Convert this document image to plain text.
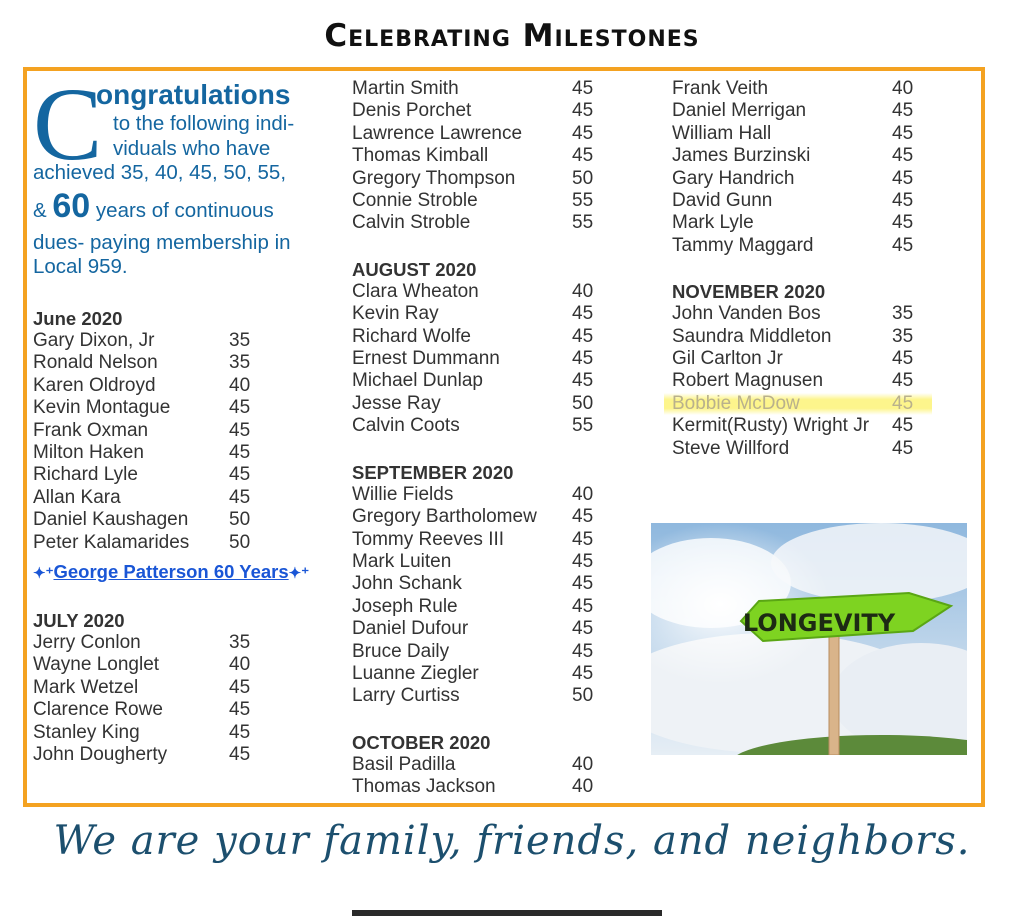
Celebrating Milestones
C
ongratulations
to the following indi-
viduals who have
achieved 35, 40, 45, 50, 55,
& 60 years of continuous
dues- paying membership in
Local 959.
June 2020
Gary Dixon, Jr	35
Ronald Nelson	35
Karen Oldroyd	40
Kevin Montague	45
Frank Oxman	45
Milton Haken	45
Richard Lyle	45
Allan Kara	45
Daniel Kaushagen	50
Peter Kalamarides	50
✦⁺George Patterson 60 Years✦⁺
JULY 2020
Jerry Conlon	35
Wayne Longlet	40
Mark Wetzel	45
Clarence Rowe	45
Stanley King	45
John Dougherty	45
Martin Smith	45
Denis Porchet	45
Lawrence Lawrence	45
Thomas Kimball	45
Gregory Thompson	50
Connie Stroble	55
Calvin Stroble	55
AUGUST 2020
Clara Wheaton	40
Kevin Ray	45
Richard Wolfe	45
Ernest Dummann	45
Michael Dunlap	45
Jesse Ray	50
Calvin Coots	55
SEPTEMBER 2020
Willie Fields	40
Gregory Bartholomew	45
Tommy Reeves III	45
Mark Luiten	45
John Schank	45
Joseph Rule	45
Daniel Dufour	45
Bruce Daily	45
Luanne Ziegler	45
Larry Curtiss	50
OCTOBER 2020
Basil Padilla	40
Thomas Jackson	40
Frank Veith	40
Daniel Merrigan	45
William Hall	45
James Burzinski	45
Gary Handrich	45
David Gunn	45
Mark Lyle	45
Tammy Maggard	45
NOVEMBER 2020
John Vanden Bos	35
Saundra Middleton	35
Gil Carlton Jr	45
Robert Magnusen	45
Bobbie McDow	45
Kermit(Rusty) Wright Jr	45
Steve Willford	45
LONGEVITY
We are your family, friends, and neighbors.
